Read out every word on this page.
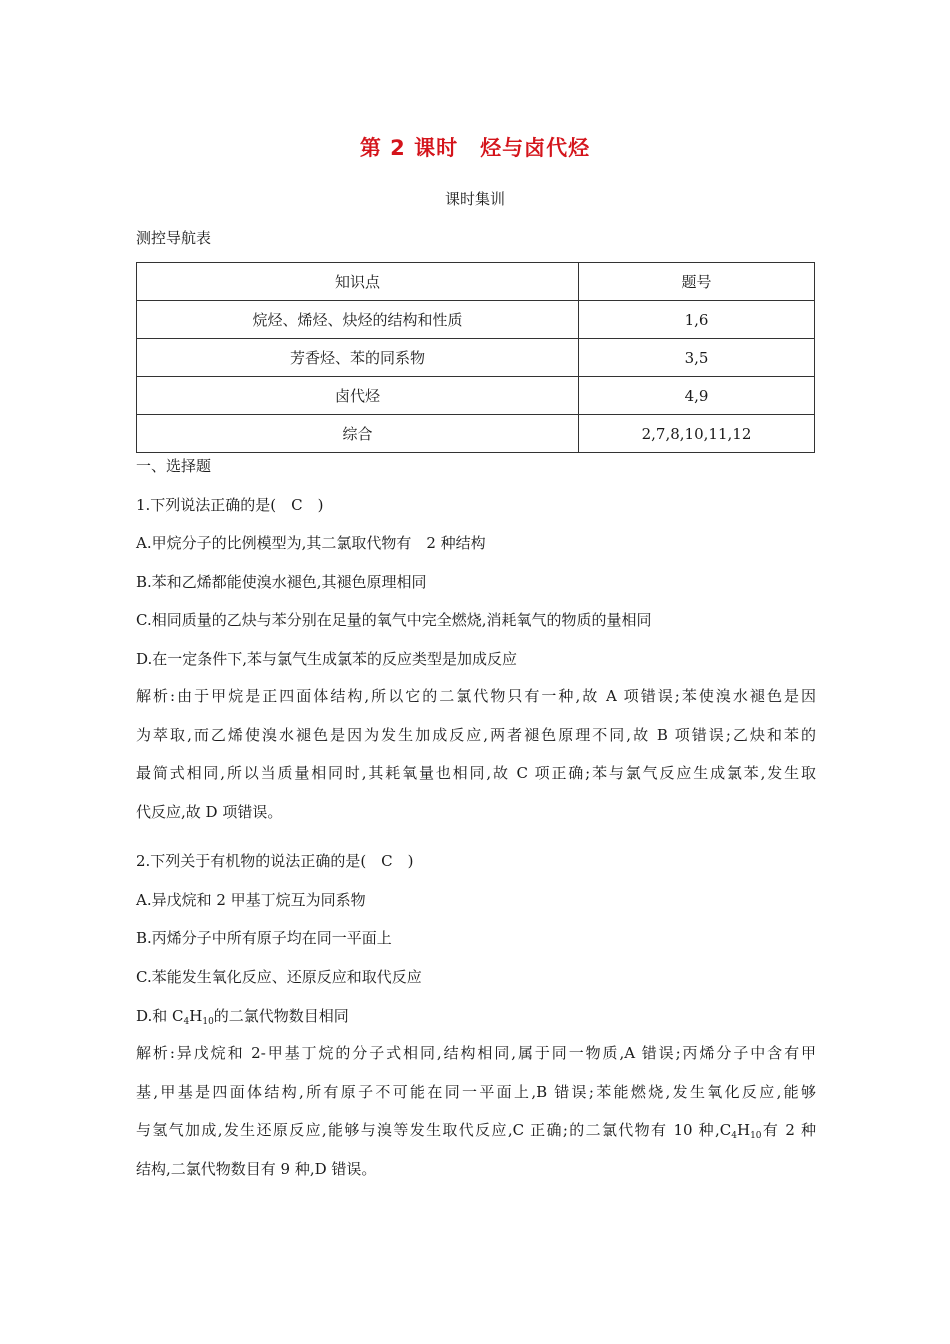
第 2 课时 烃与卤代烃
课时集训
测控导航表
知识点	题号
烷烃、烯烃、炔烃的结构和性质	1,6
芳香烃、苯的同系物	3,5
卤代烃	4,9
综合	2,7,8,10,11,12
一、选择题
1.下列说法正确的是(　C　)
A.甲烷分子的比例模型为,其二氯取代物有　2 种结构
B.苯和乙烯都能使溴水褪色,其褪色原理相同
C.相同质量的乙炔与苯分别在足量的氧气中完全燃烧,消耗氧气的物质的量相同
D.在一定条件下,苯与氯气生成氯苯的反应类型是加成反应
解析:由于甲烷是正四面体结构,所以它的二氯代物只有一种,故 A 项错误;苯使溴水褪色是因
为萃取,而乙烯使溴水褪色是因为发生加成反应,两者褪色原理不同,故 B 项错误;乙炔和苯的
最简式相同,所以当质量相同时,其耗氧量也相同,故 C 项正确;苯与氯气反应生成氯苯,发生取
代反应,故 D 项错误。
2.下列关于有机物的说法正确的是(　C　)
A.异戊烷和 2 甲基丁烷互为同系物
B.丙烯分子中所有原子均在同一平面上
C.苯能发生氧化反应、还原反应和取代反应
D.和 $C_4H_{10}$的二氯代物数目相同
解析:异戊烷和 2-甲基丁烷的分子式相同,结构相同,属于同一物质,A 错误;丙烯分子中含有甲
基,甲基是四面体结构,所有原子不可能在同一平面上,B 错误;苯能燃烧,发生氧化反应,能够
与氢气加成,发生还原反应,能够与溴等发生取代反应,C 正确;的二氯代物有 10 种$,C_4H_{10}$有 2 种
结构,二氯代物数目有 9 种,D 错误。
